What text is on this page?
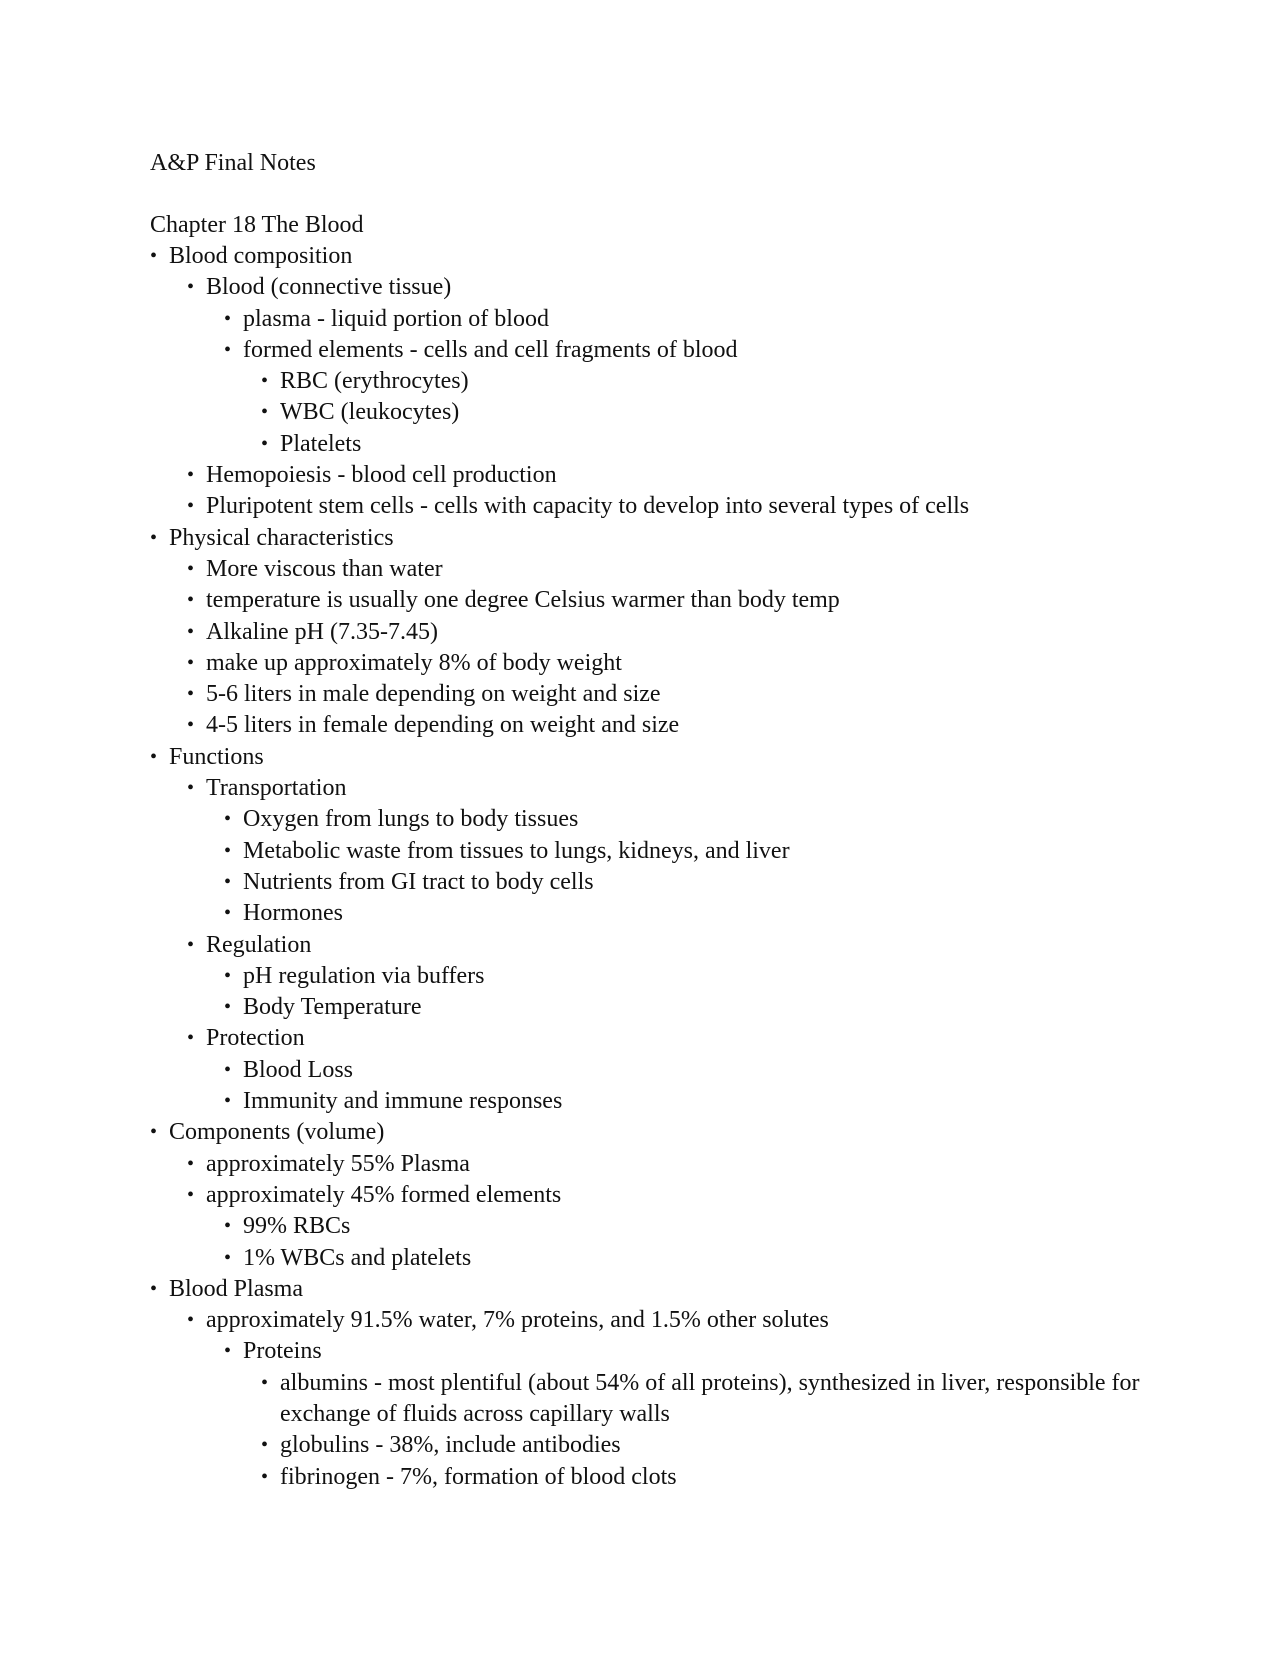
A&P Final Notes
Chapter 18 The Blood
• Blood composition
• Blood (connective tissue)
• plasma - liquid portion of blood
• formed elements - cells and cell fragments of blood
• RBC (erythrocytes)
• WBC (leukocytes)
• Platelets
• Hemopoiesis - blood cell production
• Pluripotent stem cells - cells with capacity to develop into several types of cells
• Physical characteristics
• More viscous than water
• temperature is usually one degree Celsius warmer than body temp
• Alkaline pH (7.35-7.45)
• make up approximately 8% of body weight
• 5-6 liters in male depending on weight and size
• 4-5 liters in female depending on weight and size
• Functions
• Transportation
• Oxygen from lungs to body tissues
• Metabolic waste from tissues to lungs, kidneys, and liver
• Nutrients from GI tract to body cells
• Hormones
• Regulation
• pH regulation via buffers
• Body Temperature
• Protection
• Blood Loss
• Immunity and immune responses
• Components (volume)
• approximately 55% Plasma
• approximately 45% formed elements
• 99% RBCs
• 1% WBCs and platelets
• Blood Plasma
• approximately 91.5% water, 7% proteins, and 1.5% other solutes
• Proteins
• albumins - most plentiful (about 54% of all proteins), synthesized in liver, responsible for exchange of fluids across capillary walls
• globulins - 38%, include antibodies
• fibrinogen - 7%, formation of blood clots
